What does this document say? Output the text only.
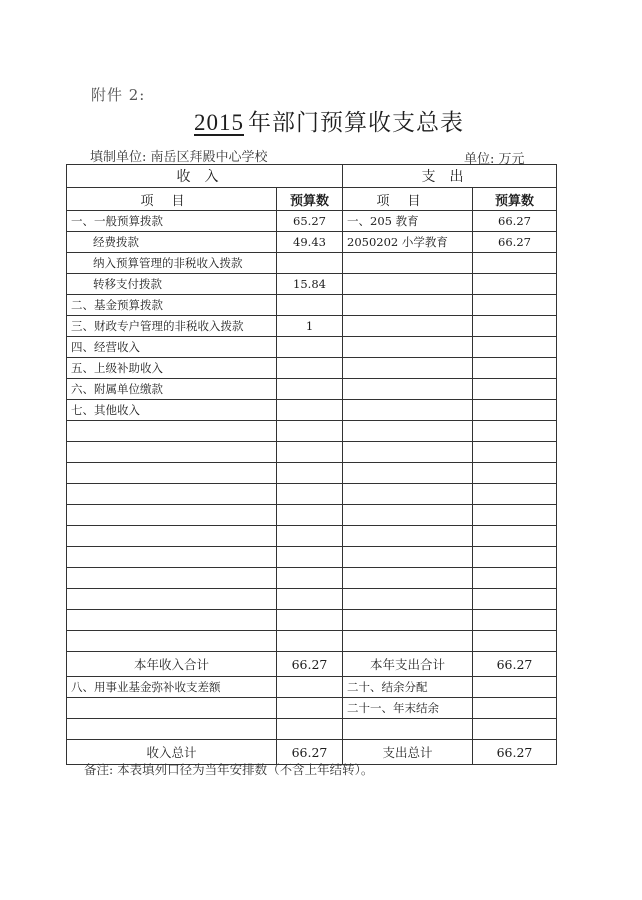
附件 2:
2015 年部门预算收支总表
填制单位: 南岳区拜殿中心学校	单位: 万元
收入		支出	
项目	预算数	项目	预算数
一、一般预算拨款	65.27	一、205 教育	66.27
经费拨款	49.43	2050202 小学教育	66.27
纳入预算管理的非税收入拨款			
转移支付拨款	15.84		
二、基金预算拨款			
三、财政专户管理的非税收入拨款	1		
四、经营收入			
五、上级补助收入			
六、附属单位缴款			
七、其他收入			

本年收入合计	66.27	本年支出合计	66.27
八、用事业基金弥补收支差额		二十、结余分配	
		二十一、年末结余	

收入总计	66.27	支出总计	66.27
备注: 本表填列口径为当年安排数（不含上年结转）。
